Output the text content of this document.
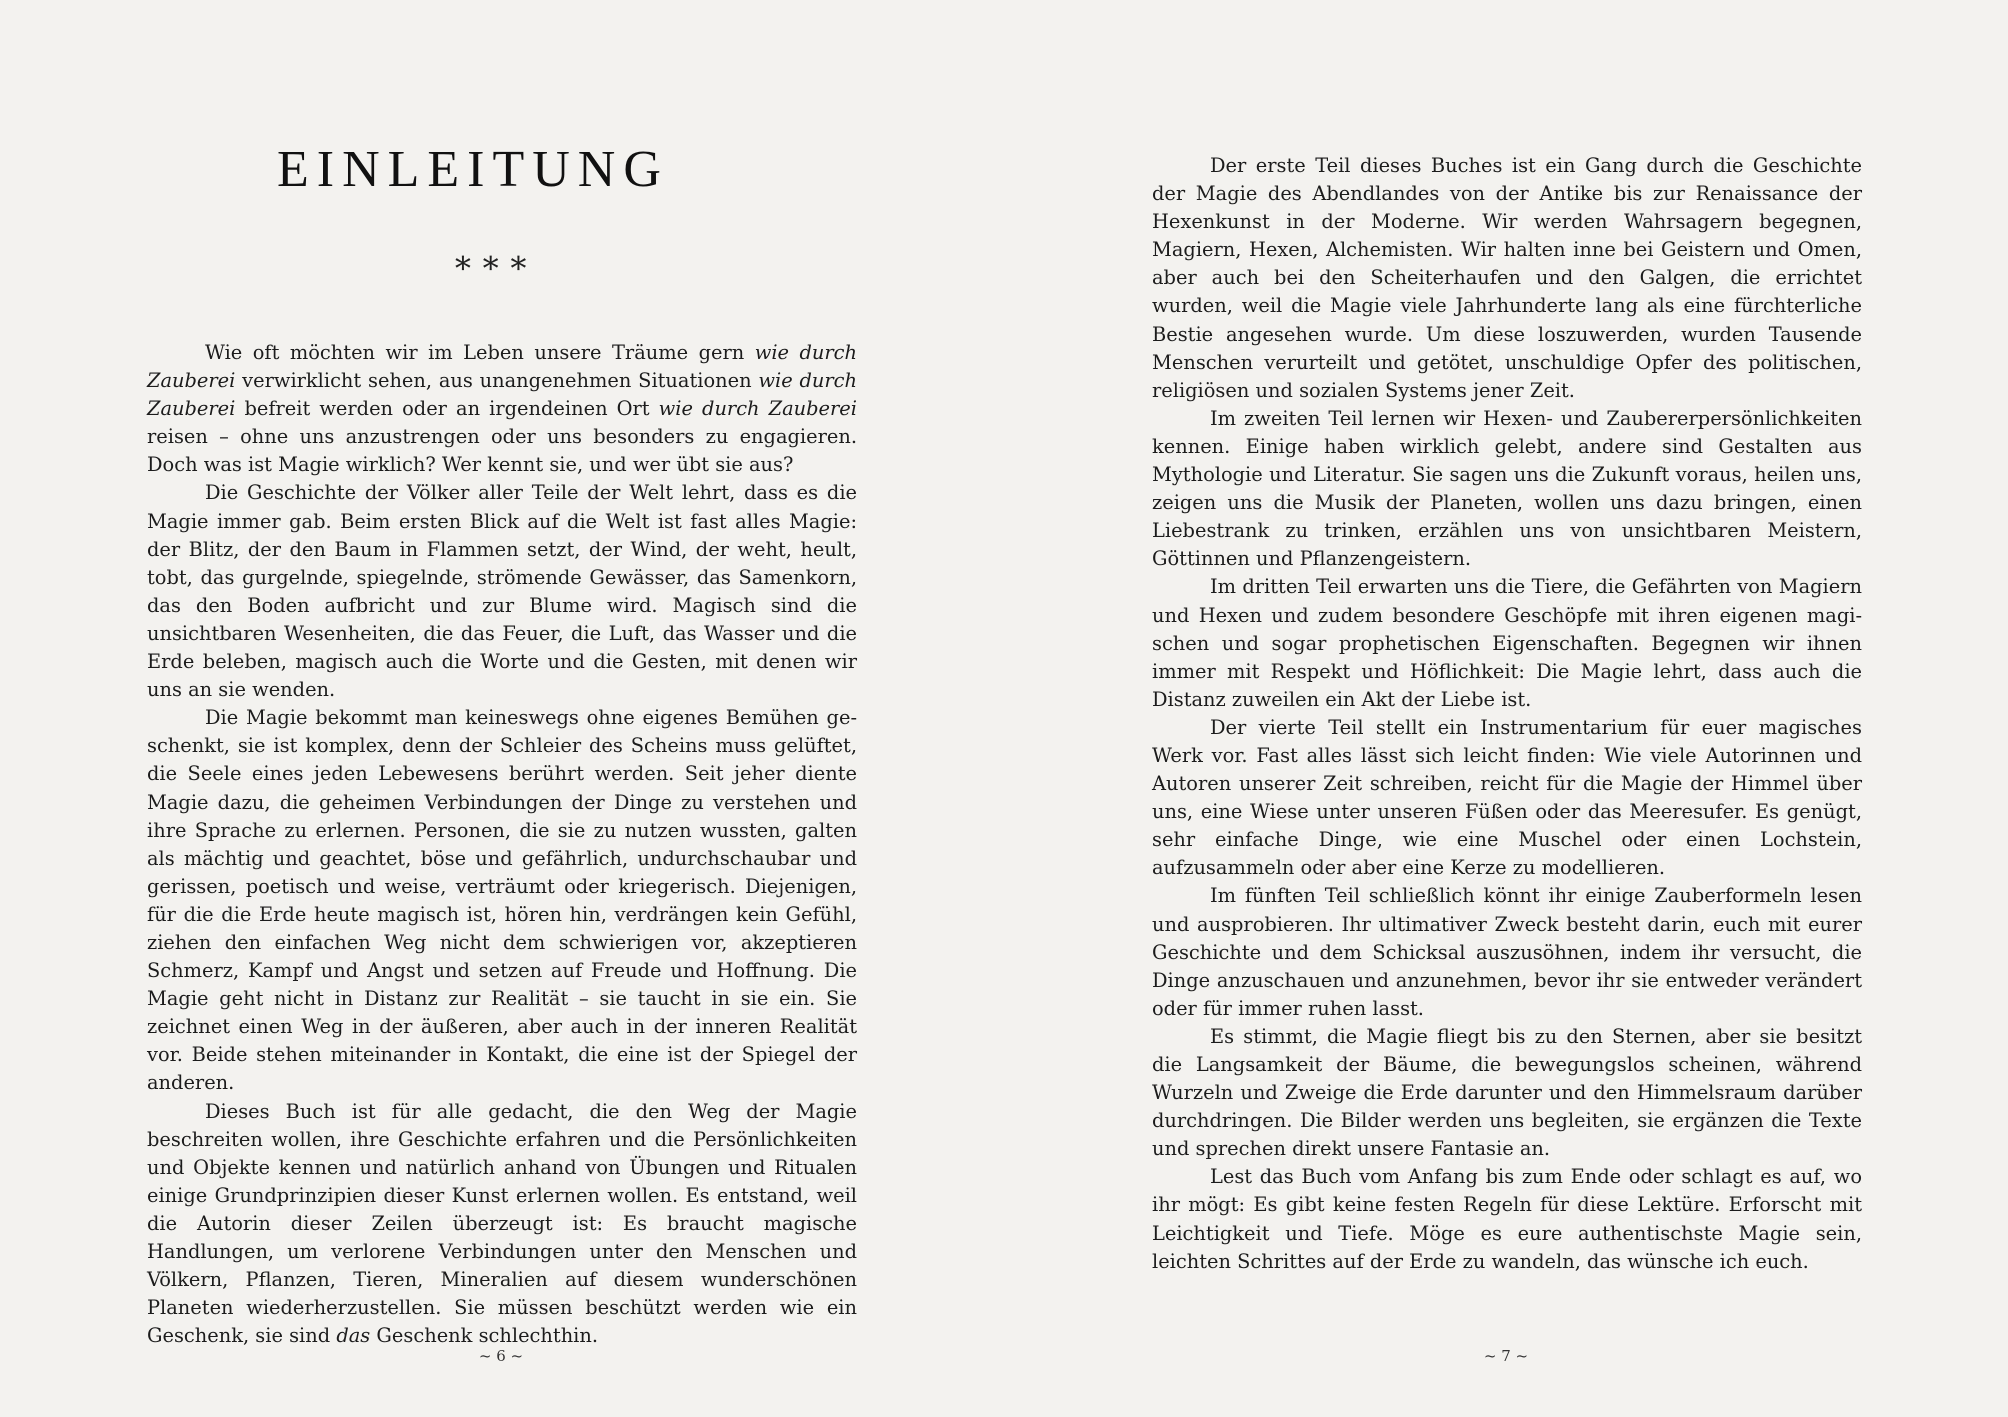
EINLEITUNG
∗∗∗

Wie oft möchten wir im Leben unsere Träume gern wie durch Zauberei verwirklicht sehen, aus unangenehmen Situationen wie durch Zauberei befreit werden oder an irgendeinen Ort wie durch Zauberei reisen – ohne uns anzustrengen oder uns besonders zu engagieren. Doch was ist Magie wirklich? Wer kennt sie, und wer übt sie aus?

Die Geschichte der Völker aller Teile der Welt lehrt, dass es die Magie immer gab. Beim ersten Blick auf die Welt ist fast alles Magie: der Blitz, der den Baum in Flammen setzt, der Wind, der weht, heult, tobt, das gurgelnde, spiegelnde, strömende Gewässer, das Samenkorn, das den Boden aufbricht und zur Blume wird. Magisch sind die unsichtbaren Wesenheiten, die das Feuer, die Luft, das Wasser und die Erde beleben, magisch auch die Worte und die Gesten, mit denen wir uns an sie wenden.

Die Magie bekommt man keineswegs ohne eigenes Bemühen geschenkt, sie ist komplex, denn der Schleier des Scheins muss gelüftet, die Seele eines jeden Lebewesens berührt werden. Seit jeher diente Magie dazu, die geheimen Verbindungen der Dinge zu verstehen und ihre Sprache zu erlernen. Personen, die sie zu nutzen wussten, galten als mächtig und geachtet, böse und gefährlich, undurchschaubar und gerissen, poetisch und weise, verträumt oder kriegerisch. Diejenigen, für die die Erde heute magisch ist, hören hin, verdrängen kein Gefühl, ziehen den einfachen Weg nicht dem schwierigen vor, akzeptieren Schmerz, Kampf und Angst und setzen auf Freude und Hoffnung. Die Magie geht nicht in Distanz zur Realität – sie taucht in sie ein. Sie zeichnet einen Weg in der äußeren, aber auch in der inneren Realität vor. Beide stehen miteinander in Kontakt, die eine ist der Spiegel der anderen.

Dieses Buch ist für alle gedacht, die den Weg der Magie beschreiten wollen, ihre Geschichte erfahren und die Persönlichkeiten und Objekte kennen und natürlich anhand von Übungen und Ritualen einige Grundprinzipien dieser Kunst erlernen wollen. Es entstand, weil die Autorin dieser Zeilen überzeugt ist: Es braucht magische Handlungen, um verlorene Verbindungen unter den Menschen und Völkern, Pflanzen, Tieren, Mineralien auf diesem wunderschönen Planeten wiederherzustellen. Sie müssen beschützt werden wie ein Geschenk, sie sind das Geschenk schlechthin.

~ 6 ~

Der erste Teil dieses Buches ist ein Gang durch die Geschichte der Magie des Abendlandes von der Antike bis zur Renaissance der Hexenkunst in der Moderne. Wir werden Wahrsagern begegnen, Magiern, Hexen, Alchemisten. Wir halten inne bei Geistern und Omen, aber auch bei den Scheiterhaufen und den Galgen, die errichtet wurden, weil die Magie viele Jahrhunderte lang als eine fürchterliche Bestie angesehen wurde. Um diese loszuwerden, wurden Tausende Menschen verurteilt und getötet, unschuldige Opfer des politischen, religiösen und sozialen Systems jener Zeit.

Im zweiten Teil lernen wir Hexen- und Zaubererpersönlichkeiten kennen. Einige haben wirklich gelebt, andere sind Gestalten aus Mythologie und Literatur. Sie sagen uns die Zukunft voraus, heilen uns, zeigen uns die Musik der Planeten, wollen uns dazu bringen, einen Liebestrank zu trinken, erzählen uns von unsichtbaren Meistern, Göttinnen und Pflanzengeistern.

Im dritten Teil erwarten uns die Tiere, die Gefährten von Magiern und Hexen und zudem besondere Geschöpfe mit ihren eigenen magischen und sogar prophetischen Eigenschaften. Begegnen wir ihnen immer mit Respekt und Höflichkeit: Die Magie lehrt, dass auch die Distanz zuweilen ein Akt der Liebe ist.

Der vierte Teil stellt ein Instrumentarium für euer magisches Werk vor. Fast alles lässt sich leicht finden: Wie viele Autorinnen und Autoren unserer Zeit schreiben, reicht für die Magie der Himmel über uns, eine Wiese unter unseren Füßen oder das Meeresufer. Es genügt, sehr einfache Dinge, wie eine Muschel oder einen Lochstein, aufzusammeln oder aber eine Kerze zu modellieren.

Im fünften Teil schließlich könnt ihr einige Zauberformeln lesen und ausprobieren. Ihr ultimativer Zweck besteht darin, euch mit eurer Geschichte und dem Schicksal auszusöhnen, indem ihr versucht, die Dinge anzuschauen und anzunehmen, bevor ihr sie entweder verändert oder für immer ruhen lasst.

Es stimmt, die Magie fliegt bis zu den Sternen, aber sie besitzt die Langsamkeit der Bäume, die bewegungslos scheinen, während Wurzeln und Zweige die Erde darunter und den Himmelsraum darüber durchdringen. Die Bilder werden uns begleiten, sie ergänzen die Texte und sprechen direkt unsere Fantasie an.

Lest das Buch vom Anfang bis zum Ende oder schlagt es auf, wo ihr mögt: Es gibt keine festen Regeln für diese Lektüre. Erforscht mit Leichtigkeit und Tiefe. Möge es eure authentischste Magie sein, leichten Schrittes auf der Erde zu wandeln, das wünsche ich euch.

~ 7 ~
